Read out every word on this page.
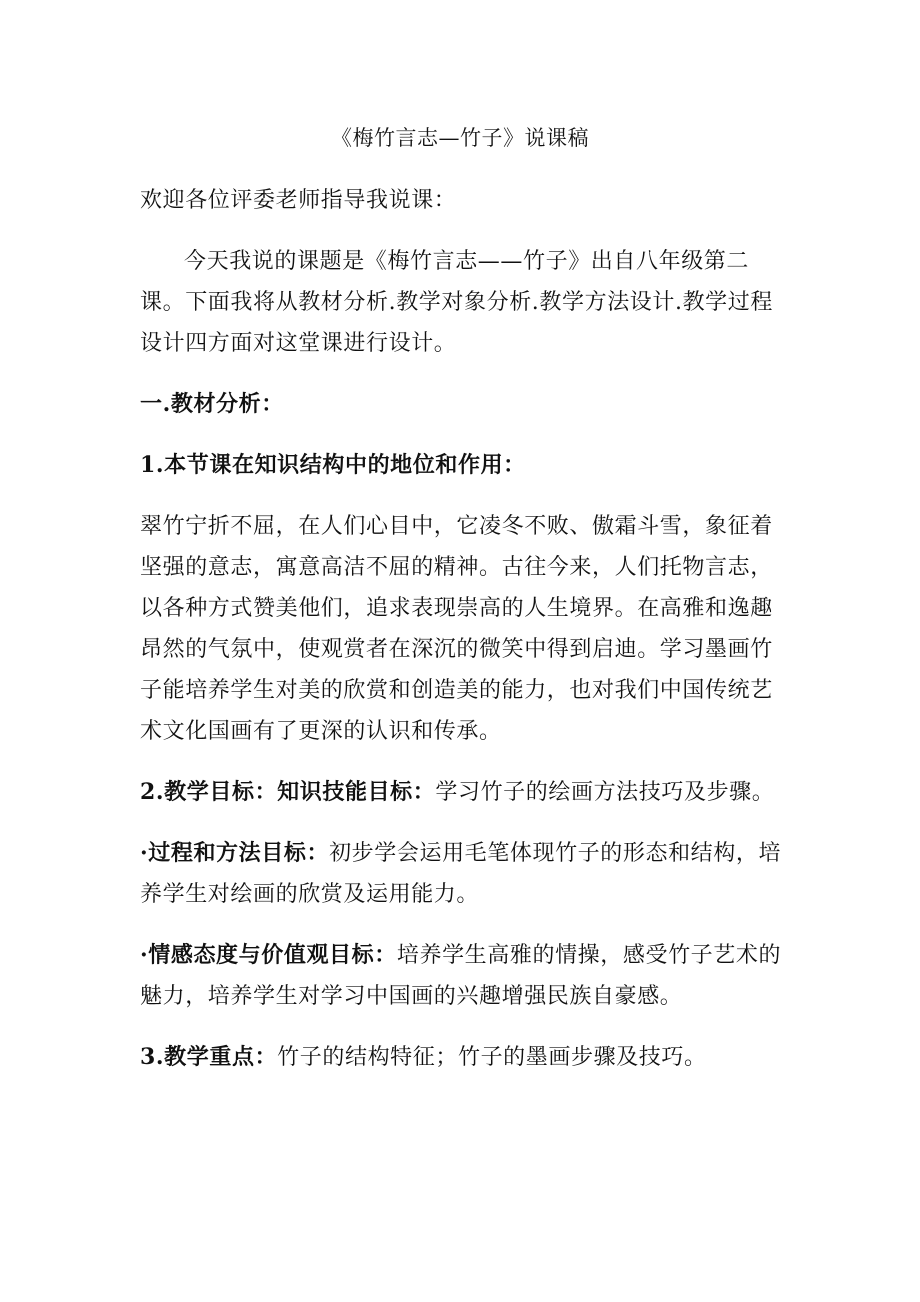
《梅竹言志—竹子》说课稿

欢迎各位评委老师指导我说课：

今天我说的课题是《梅竹言志——竹子》出自八年级第二课。下面我将从教材分析.教学对象分析.教学方法设计.教学过程设计四方面对这堂课进行设计。

一.教材分析：

1.本节课在知识结构中的地位和作用：

翠竹宁折不屈，在人们心目中，它凌冬不败、傲霜斗雪，象征着坚强的意志，寓意高洁不屈的精神。古往今来，人们托物言志，以各种方式赞美他们，追求表现崇高的人生境界。在高雅和逸趣昂然的气氛中，使观赏者在深沉的微笑中得到启迪。学习墨画竹子能培养学生对美的欣赏和创造美的能力，也对我们中国传统艺术文化国画有了更深的认识和传承。

2.教学目标：知识技能目标：学习竹子的绘画方法技巧及步骤。

·过程和方法目标：初步学会运用毛笔体现竹子的形态和结构，培养学生对绘画的欣赏及运用能力。

·情感态度与价值观目标：培养学生高雅的情操，感受竹子艺术的魅力，培养学生对学习中国画的兴趣增强民族自豪感。

3.教学重点：竹子的结构特征；竹子的墨画步骤及技巧。
